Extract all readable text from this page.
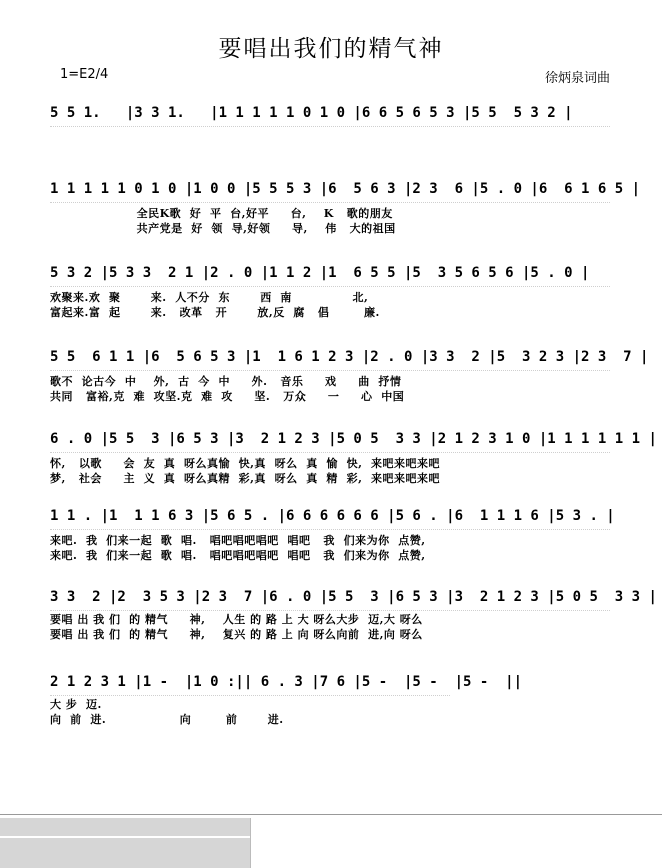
要唱出我们的精气神
1=E2/4	徐炳泉词曲
5 5 1.   |3 3 1.   |1 1 1 1 1 0 1 0 |6 6 5 6 5 3 |5 5  5 3 2 |
1 1 1 1 1 0 1 0 |1 0 0 |5 5 5 3 |6  5 6 3 |2 3  6 |5 . 0 |6  6 1 6 5 |
全民K歌  好  平  台,好平     台,    K   歌的朋友
共产党是  好  领  导,好领     导,    伟   大的祖国
5 3 2 |5 3 3  2 1 |2 . 0 |1 1 2 |1  6 5 5 |5  3 5 6 5 6 |5 . 0 |
欢聚来.欢  聚       来.  人不分  东       西  南              北,
富起来.富  起       来.   改革   开       放,反  腐   倡        廉.
5 5  6 1 1 |6  5 6 5 3 |1  1 6 1 2 3 |2 . 0 |3 3  2 |5  3 2 3 |2 3  7 |
歌不  论古今  中    外,  古  今  中     外.   音乐     戏     曲  抒情
共同   富裕,克  难  攻坚.克  难  攻     坚.   万众     一     心  中国
6 . 0 |5 5  3 |6 5 3 |3  2 1 2 3 |5 0 5  3 3 |2 1 2 3 1 0 |1 1 1 1 1 1 |
怀,   以歌     会  友  真  呀么真愉  快,真  呀么  真  愉  快,  来吧来吧来吧
梦,   社会     主  义  真  呀么真精  彩,真  呀么  真  精  彩,  来吧来吧来吧
1 1 . |1  1 1 6 3 |5 6 5 . |6 6 6 6 6 6 |5 6 . |6  1 1 1 6 |5 3 . |
来吧.  我  们来一起  歌  唱.   唱吧唱吧唱吧  唱吧   我  们来为你  点赞,
来吧.  我  们来一起  歌  唱.   唱吧唱吧唱吧  唱吧   我  们来为你  点赞,
3 3  2 |2  3 5 3 |2 3  7 |6 . 0 |5 5  3 |6 5 3 |3  2 1 2 3 |5 0 5  3 3 |
要唱 出 我 们  的 精气     神,    人生 的 路 上 大 呀么大步  迈,大 呀么
要唱 出 我 们  的 精气     神,    复兴 的 路 上 向 呀么向前  进,向 呀么
2 1 2 3 1 |1 -  |1 0 :|| 6 . 3 |7 6 |5 -  |5 -  |5 -  ||
大 步  迈.
向  前  进.                 向        前       进.
